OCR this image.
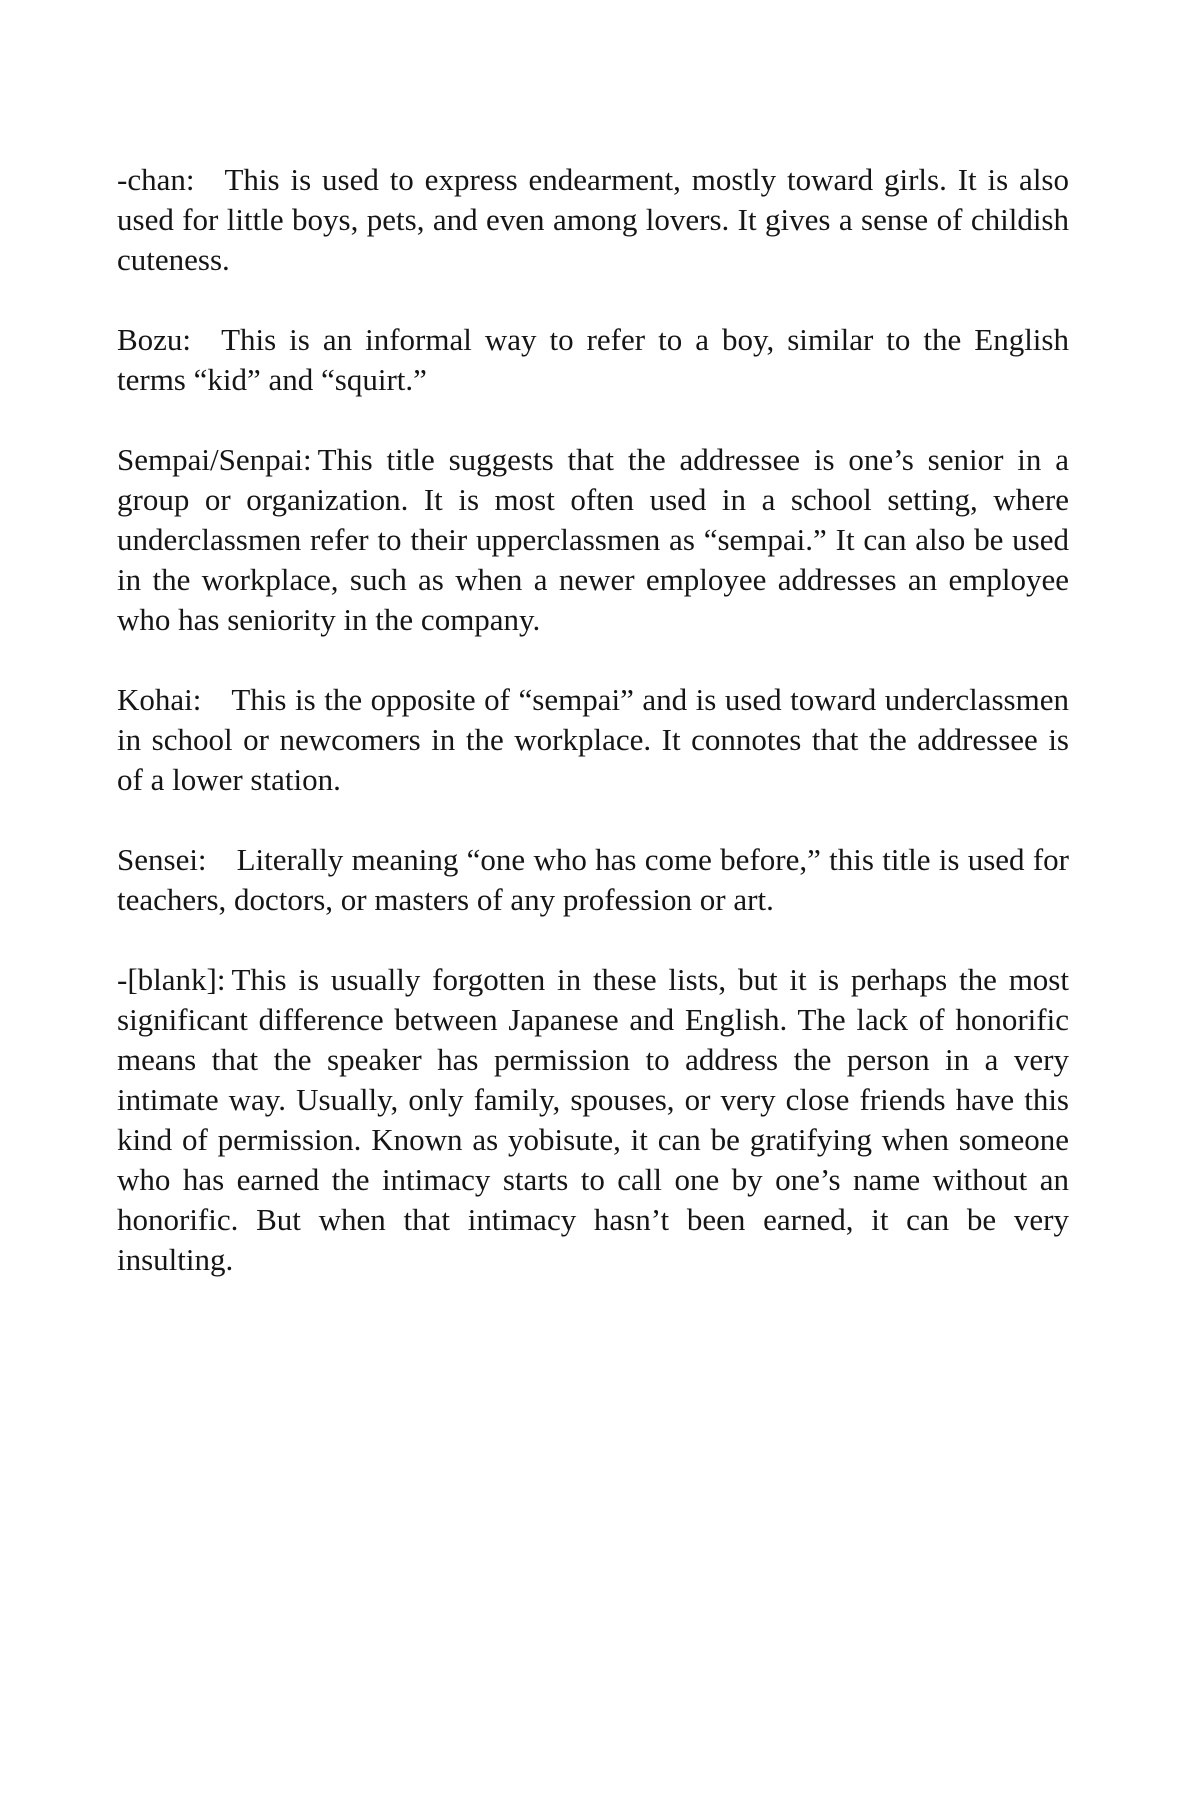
-chan: This is used to express endearment, mostly toward girls. It is also used for little boys, pets, and even among lovers. It gives a sense of childish cuteness.

Bozu: This is an informal way to refer to a boy, similar to the English terms “kid” and “squirt.”

Sempai/Senpai: This title suggests that the addressee is one’s senior in a group or organization. It is most often used in a school setting, where underclassmen refer to their upperclassmen as “sempai.” It can also be used in the workplace, such as when a newer employee addresses an employee who has seniority in the company.

Kohai: This is the opposite of “sempai” and is used toward underclassmen in school or newcomers in the workplace. It connotes that the addressee is of a lower station.

Sensei: Literally meaning “one who has come before,” this title is used for teachers, doctors, or masters of any profession or art.

-[blank]: This is usually forgotten in these lists, but it is perhaps the most significant difference between Japanese and English. The lack of honorific means that the speaker has permission to address the person in a very intimate way. Usually, only family, spouses, or very close friends have this kind of permission. Known as yobisute, it can be gratifying when someone who has earned the intimacy starts to call one by one’s name without an honorific. But when that intimacy hasn’t been earned, it can be very insulting.
